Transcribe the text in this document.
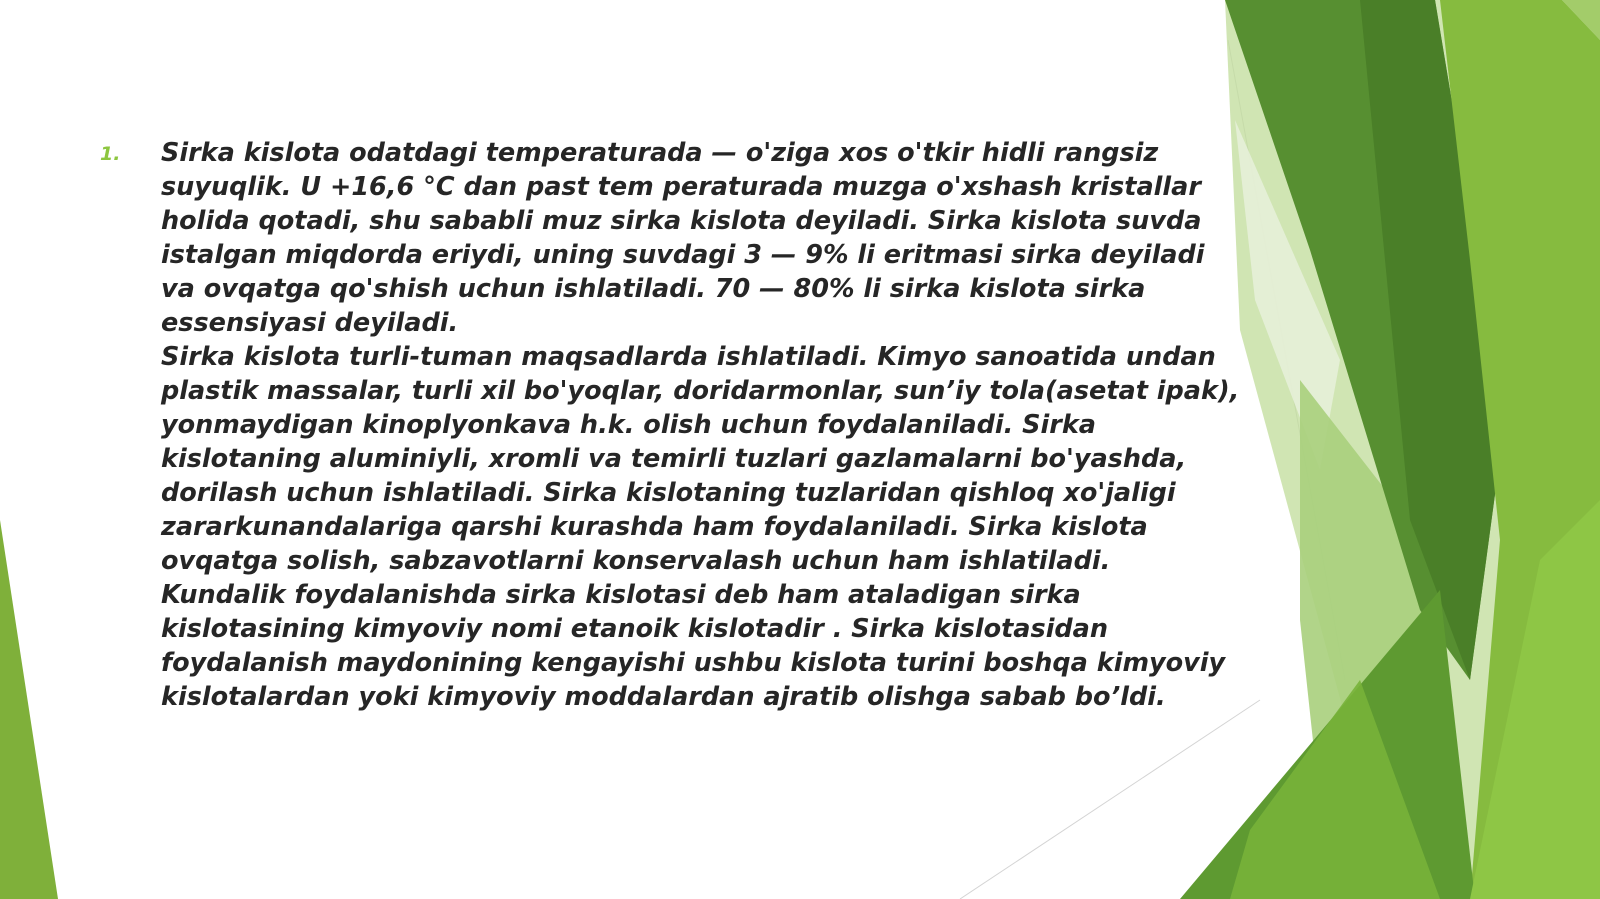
1.	Sirka kislota odatdagi temperaturada — o'ziga xos o'tkir hidli rangsiz suyuqlik. U +16,6 °C dan past tem peraturada muzga o'xshash kristallar holida qotadi, shu sababli muz sirka kislota deyiladi. Sirka kislota suvda istalgan miqdorda eriydi, uning suvdagi 3 — 9% li eritmasi sirka deyiladi va ovqatga qo'shish uchun ishlatiladi. 70 — 80% li sirka kislota sirka essensiyasi deyiladi.

Sirka kislota turli-tuman maqsadlarda ishlatiladi. Kimyo sanoatida undan plastik massalar, turli xil bo'yoqlar, doridarmonlar, sun’iy tola(asetat ipak), yonmaydigan kinoplyonkava h.k. olish uchun foydalaniladi. Sirka kislotaning aluminiyli, xromli va temirli tuzlari gazlamalarni bo'yashda, dorilash uchun ishlatiladi. Sirka kislotaning tuzlaridan qishloq xo'jaligi zararkunandalariga qarshi kurashda ham foydalaniladi. Sirka kislota ovqatga solish, sabzavotlarni konservalash uchun ham ishlatiladi.

Kundalik foydalanishda sirka kislotasi deb ham ataladigan sirka kislotasining kimyoviy nomi etanoik kislotadir . Sirka kislotasidan foydalanish maydonining kengayishi ushbu kislota turini boshqa kimyoviy kislotalardan yoki kimyoviy moddalardan ajratib olishga sabab bo’ldi.
